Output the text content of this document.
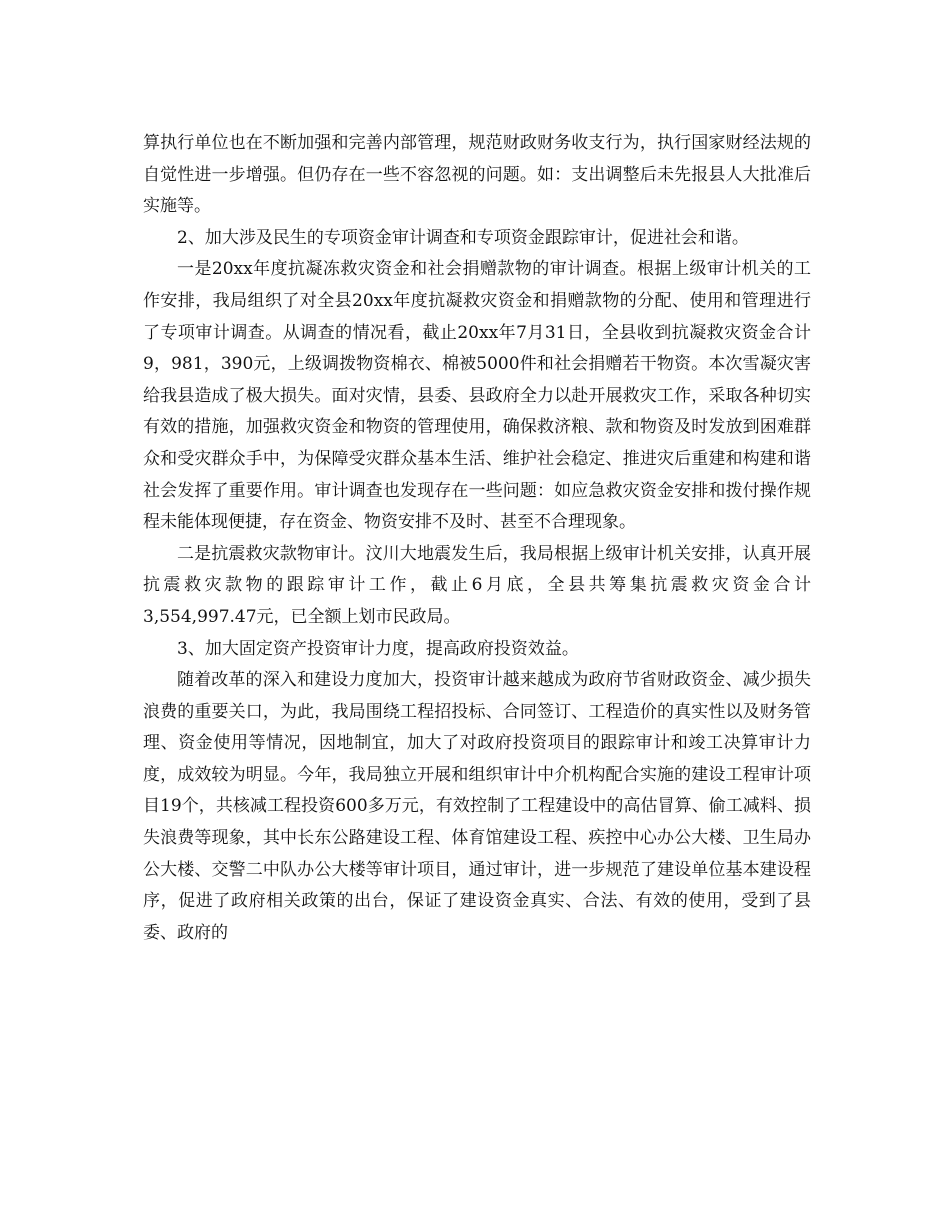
算执行单位也在不断加强和完善内部管理，规范财政财务收支行为，执行国家财经法规的自觉性进一步增强。但仍存在一些不容忽视的问题。如：支出调整后未先报县人大批准后实施等。

2、加大涉及民生的专项资金审计调查和专项资金跟踪审计，促进社会和谐。

一是20xx年度抗凝冻救灾资金和社会捐赠款物的审计调查。根据上级审计机关的工作安排，我局组织了对全县20xx年度抗凝救灾资金和捐赠款物的分配、使用和管理进行了专项审计调查。从调查的情况看，截止20xx年7月31日，全县收到抗凝救灾资金合计9，981，390元，上级调拨物资棉衣、棉被5000件和社会捐赠若干物资。本次雪凝灾害给我县造成了极大损失。面对灾情，县委、县政府全力以赴开展救灾工作，采取各种切实有效的措施，加强救灾资金和物资的管理使用，确保救济粮、款和物资及时发放到困难群众和受灾群众手中，为保障受灾群众基本生活、维护社会稳定、推进灾后重建和构建和谐社会发挥了重要作用。审计调查也发现存在一些问题：如应急救灾资金安排和拨付操作规程未能体现便捷，存在资金、物资安排不及时、甚至不合理现象。

二是抗震救灾款物审计。汶川大地震发生后，我局根据上级审计机关安排，认真开展抗震救灾款物的跟踪审计工作，截止6月底，全县共筹集抗震救灾资金合计3,554,997.47元，已全额上划市民政局。

3、加大固定资产投资审计力度，提高政府投资效益。

随着改革的深入和建设力度加大，投资审计越来越成为政府节省财政资金、减少损失浪费的重要关口，为此，我局围绕工程招投标、合同签订、工程造价的真实性以及财务管理、资金使用等情况，因地制宜，加大了对政府投资项目的跟踪审计和竣工决算审计力度，成效较为明显。今年，我局独立开展和组织审计中介机构配合实施的建设工程审计项目19个，共核减工程投资600多万元，有效控制了工程建设中的高估冒算、偷工减料、损失浪费等现象，其中长东公路建设工程、体育馆建设工程、疾控中心办公大楼、卫生局办公大楼、交警二中队办公大楼等审计项目，通过审计，进一步规范了建设单位基本建设程序，促进了政府相关政策的出台，保证了建设资金真实、合法、有效的使用，受到了县委、政府的
